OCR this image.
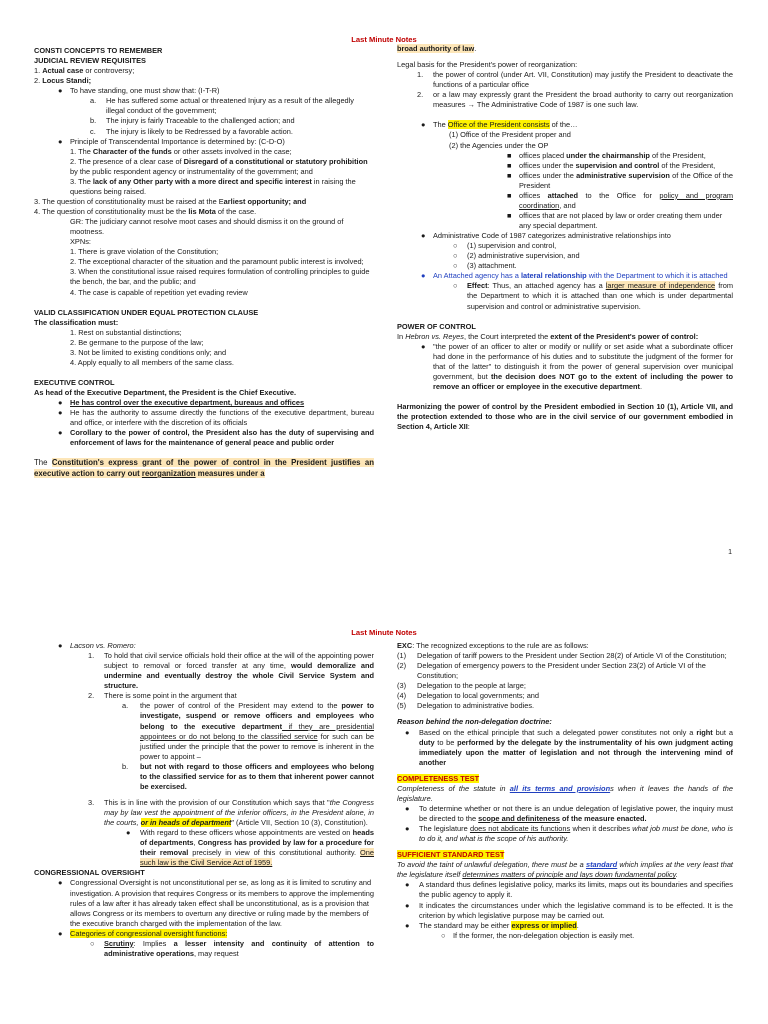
Last Minute Notes
CONSTI CONCEPTS TO REMEMBER
JUDICIAL REVIEW REQUISITES
1. Actual case or controversy;
2. Locus Standi;
● To have standing, one must show that: (I-T-R)
a. He has suffered some actual or threatened Injury as a result of the allegedly illegal conduct of the government;
b. The injury is fairly Traceable to the challenged action; and
c. The injury is likely to be Redressed by a favorable action.
● Principle of Transcendental Importance is determined by: (C-D-O)
1. The Character of the funds or other assets involved in the case;
2. The presence of a clear case of Disregard of a constitutional or statutory prohibition by the public respondent agency or instrumentality of the government; and
3. The lack of any Other party with a more direct and specific interest in raising the questions being raised.
3. The question of constitutionality must be raised at the Earliest opportunity; and
4. The question of constitutionality must be the lis Mota of the case.
GR: The judiciary cannot resolve moot cases and should dismiss it on the ground of mootness.
XPNs:
1. There is grave violation of the Constitution;
2. The exceptional character of the situation and the paramount public interest is involved;
3. When the constitutional issue raised requires formulation of controlling principles to guide the bench, the bar, and the public; and
4. The case is capable of repetition yet evading review
VALID CLASSIFICATION UNDER EQUAL PROTECTION CLAUSE
The classification must:
1. Rest on substantial distinctions;
2. Be germane to the purpose of the law;
3. Not be limited to existing conditions only; and
4. Apply equally to all members of the same class.
EXECUTIVE CONTROL
As head of the Executive Department, the President is the Chief Executive.
● He has control over the executive department, bureaus and offices
● He has the authority to assume directly the functions of the executive department, bureau and office, or interfere with the discretion of its officials
● Corollary to the power of control, the President also has the duty of supervising and enforcement of laws for the maintenance of general peace and public order
The Constitution's express grant of the power of control in the President justifies an executive action to carry out reorganization measures under a
broad authority of law.
Legal basis for the President's power of reorganization:
1. the power of control (under Art. VII, Constitution) may justify the President to deactivate the functions of a particular office
2. or a law may expressly grant the President the broad authority to carry out reorganization measures → The Administrative Code of 1987 is one such law.
● The Office of the President consists of the…
(1) Office of the President proper and
(2) the Agencies under the OP
■ offices placed under the chairmanship of the President,
■ offices under the supervision and control of the President,
■ offices under the administrative supervision of the Office of the President
■ offices attached to the Office for policy and program coordination, and
■ offices that are not placed by law or order creating them under any special department.
● Administrative Code of 1987 categorizes administrative relationships into
○ (1) supervision and control,
○ (2) administrative supervision, and
○ (3) attachment.
● An Attached agency has a lateral relationship with the Department to which it is attached
○ Effect: Thus, an attached agency has a larger measure of independence from the Department to which it is attached than one which is under departmental supervision and control or administrative supervision.
POWER OF CONTROL
In Hebron vs. Reyes, the Court interpreted the extent of the President's power of control:
● "the power of an officer to alter or modify or nullify or set aside what a subordinate officer had done in the performance of his duties and to substitute the judgment of the former for that of the latter" to distinguish it from the power of general supervision over municipal government, but the decision does NOT go to the extent of including the power to remove an officer or employee in the executive department.
Harmonizing the power of control by the President embodied in Section 10 (1), Article VII, and the protection extended to those who are in the civil service of our government embodied in Section 4, Article XII:
1
Last Minute Notes
● Lacson vs. Romero:
1. To hold that civil service officials hold their office at the will of the appointing power subject to removal or forced transfer at any time, would demoralize and undermine and eventually destroy the whole Civil Service System and structure.
2. There is some point in the argument that
a. the power of control of the President may extend to the power to investigate, suspend or remove officers and employees who belong to the executive department if they are presidential appointees or do not belong to the classified service for such can be justified under the principle that the power to remove is inherent in the power to appoint –
b. but not with regard to those officers and employees who belong to the classified service for as to them that inherent power cannot be exercised.
3. This is in line with the provision of our Constitution which says that "the Congress may by law vest the appointment of the inferior officers, in the President alone, in the courts, or in heads of department" (Article VII, Section 10 (3), Constitution).
● With regard to these officers whose appointments are vested on heads of departments, Congress has provided by law for a procedure for their removal precisely in view of this constitutional authority. One such law is the Civil Service Act of 1959.
CONGRESSIONAL OVERSIGHT
● Congressional Oversight is not unconstitutional per se, as long as it is limited to scrutiny and investigation. A provision that requires Congress or its members to approve the implementing rules of a law after it has already taken effect shall be unconstitutional, as is a provision that allows Congress or its members to overturn any directive or ruling made by the members of the executive branch charged with the implementation of the law.
● Categories of congressional oversight functions:
○ Scrutiny: Implies a lesser intensity and continuity of attention to administrative operations, may request
EXC: The recognized exceptions to the rule are as follows:
(1) Delegation of tariff powers to the President under Section 28(2) of Article VI of the Constitution;
(2) Delegation of emergency powers to the President under Section 23(2) of Article VI of the Constitution;
(3) Delegation to the people at large;
(4) Delegation to local governments; and
(5) Delegation to administrative bodies.
Reason behind the non-delegation doctrine:
● Based on the ethical principle that such a delegated power constitutes not only a right but a duty to be performed by the delegate by the instrumentality of his own judgment acting immediately upon the matter of legislation and not through the intervening mind of another
COMPLETENESS TEST
Completeness of the statute in all its terms and provisions when it leaves the hands of the legislature.
● To determine whether or not there is an undue delegation of legislative power, the inquiry must be directed to the scope and definiteness of the measure enacted.
● The legislature does not abdicate its functions when it describes what job must be done, who is to do it, and what is the scope of his authority.
SUFFICIENT STANDARD TEST
To avoid the taint of unlawful delegation, there must be a standard which implies at the very least that the legislature itself determines matters of principle and lays down fundamental policy.
● A standard thus defines legislative policy, marks its limits, maps out its boundaries and specifies the public agency to apply it.
● It indicates the circumstances under which the legislative command is to be effected. It is the criterion by which legislative purpose may be carried out.
● The standard may be either express or implied.
○ If the former, the non-delegation objection is easily met.
